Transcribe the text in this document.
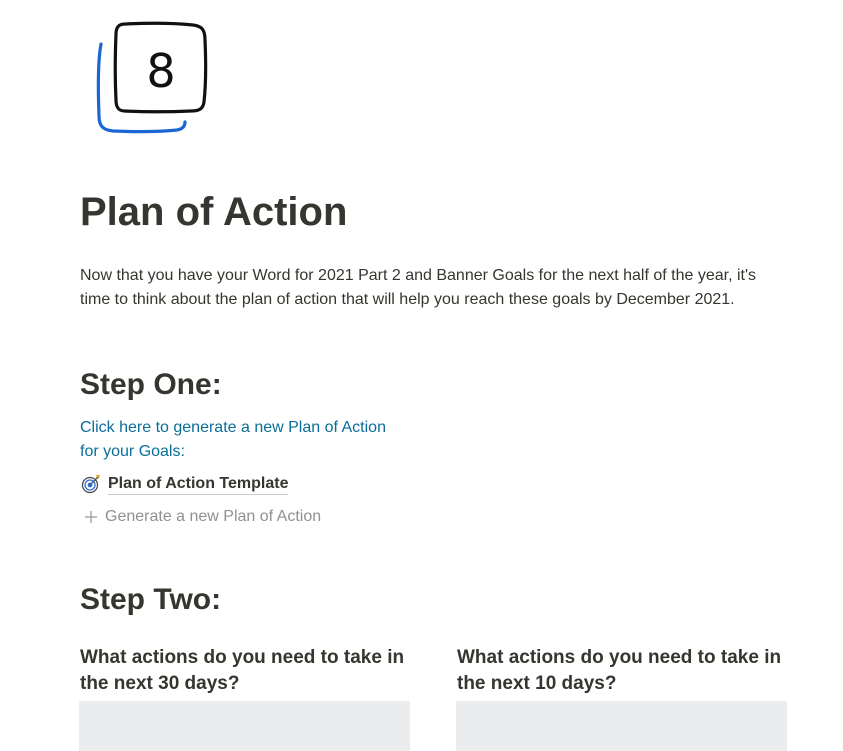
8
Plan of Action

Now that you have your Word for 2021 Part 2 and Banner Goals for the next half of the year, it's time to think about the plan of action that will help you reach these goals by December 2021.

Step One:
Click here to generate a new Plan of Action for your Goals:
Plan of Action Template
Generate a new Plan of Action
Step Two:
What actions do you need to take in the next 30 days?
What actions do you need to take in the next 10 days?
